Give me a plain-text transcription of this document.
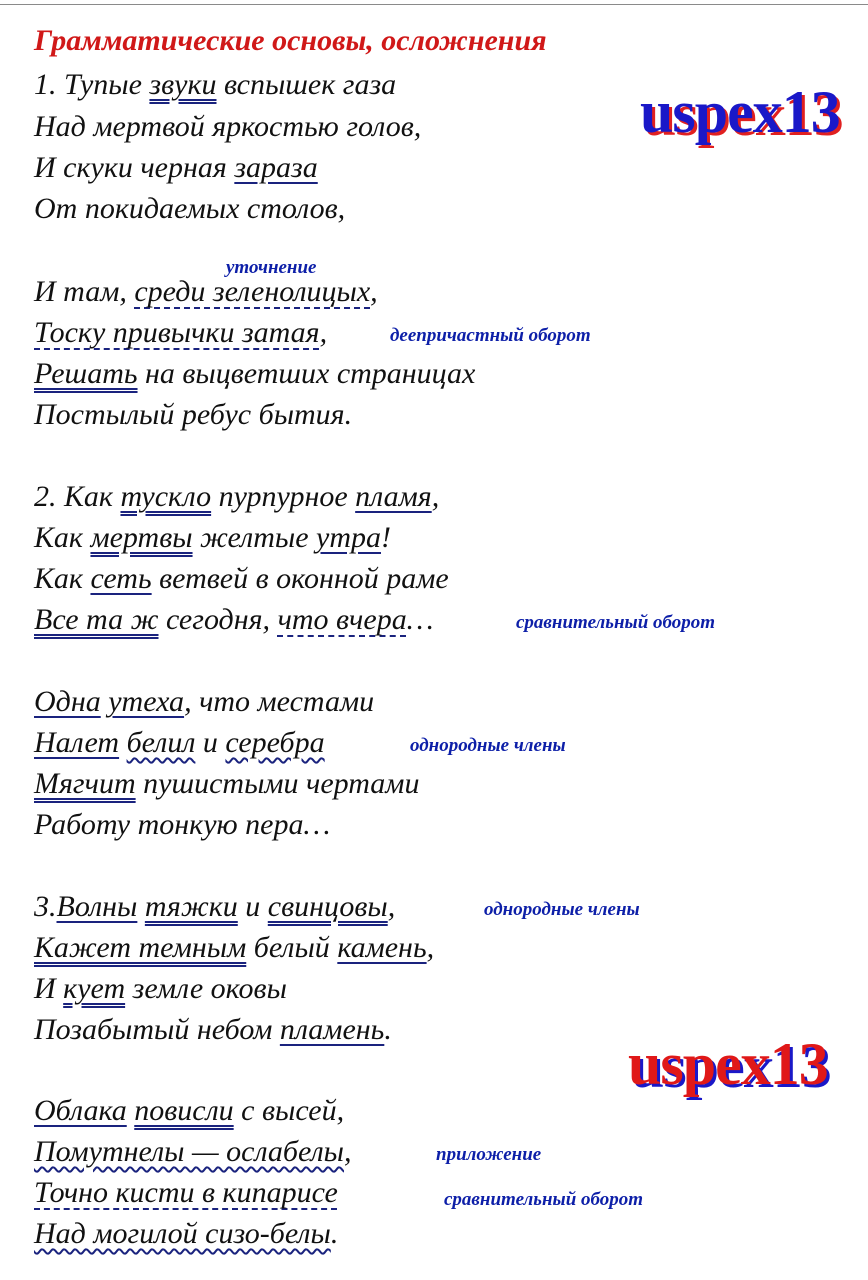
Грамматические основы, осложнения
uspex13
uspex13
1. Тупые звуки вспышек газа
Над мертвой яркостью голов,
И скуки черная зараза
От покидаемых столов,
уточнение
И там, среди зеленолицых,
Тоску привычки затая,	деепричастный оборот
Решать на выцветших страницах
Постылый ребус бытия.
2. Как тускло пурпурное пламя,
Как мертвы желтые утра!
Как сеть ветвей в оконной раме
Все та ж сегодня, что вчера…	сравнительный оборот
Одна утеха, что местами
Налет белил и серебра	однородные члены
Мягчит пушистыми чертами
Работу тонкую пера…
3.Волны тяжки и свинцовы,	однородные члены
Кажет темным белый камень,
И кует земле оковы
Позабытый небом пламень.
Облака повисли с высей,
Помутнелы — ослабелы,	приложение
Точно кисти в кипарисе	сравнительный оборот
Над могилой сизо-белы.
